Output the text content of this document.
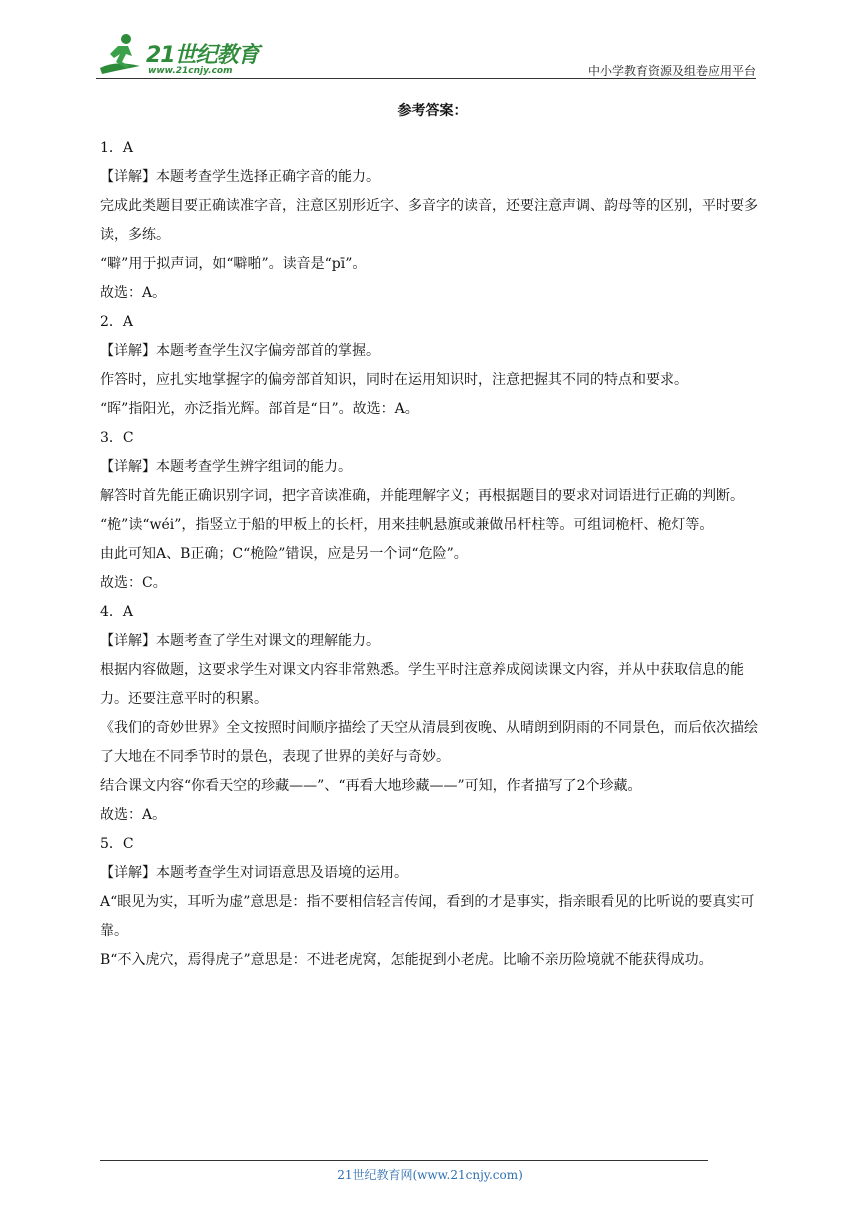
21世纪教育
www.21cnjy.com	中小学教育资源及组卷应用平台

参考答案：

1．A

【详解】本题考查学生选择正确字音的能力。

完成此类题目要正确读准字音，注意区别形近字、多音字的读音，还要注意声调、韵母等的区别，平时要多读，多练。

“噼”用于拟声词，如“噼啪”。读音是“pī”。

故选：A。

2．A

【详解】本题考查学生汉字偏旁部首的掌握。

作答时，应扎实地掌握字的偏旁部首知识，同时在运用知识时，注意把握其不同的特点和要求。

“晖”指阳光，亦泛指光辉。部首是“日”。故选：A。

3．C

【详解】本题考查学生辨字组词的能力。

解答时首先能正确识别字词，把字音读准确，并能理解字义；再根据题目的要求对词语进行正确的判断。

“桅”读“wéi”，指竖立于船的甲板上的长杆，用来挂帆悬旗或兼做吊杆柱等。可组词桅杆、桅灯等。

由此可知A、B正确；C“桅险”错误，应是另一个词“危险”。

故选：C。

4．A

【详解】本题考查了学生对课文的理解能力。

根据内容做题，这要求学生对课文内容非常熟悉。学生平时注意养成阅读课文内容，并从中获取信息的能力。还要注意平时的积累。

《我们的奇妙世界》全文按照时间顺序描绘了天空从清晨到夜晚、从晴朗到阴雨的不同景色，而后依次描绘了大地在不同季节时的景色，表现了世界的美好与奇妙。

结合课文内容“你看天空的珍藏——”、“再看大地珍藏——”可知，作者描写了2个珍藏。

故选：A。

5．C

【详解】本题考查学生对词语意思及语境的运用。

A“眼见为实，耳听为虚”意思是：指不要相信轻言传闻，看到的才是事实，指亲眼看见的比听说的要真实可靠。

B“不入虎穴，焉得虎子”意思是：不进老虎窝，怎能捉到小老虎。比喻不亲历险境就不能获得成功。

21世纪教育网(www.21cnjy.com)
